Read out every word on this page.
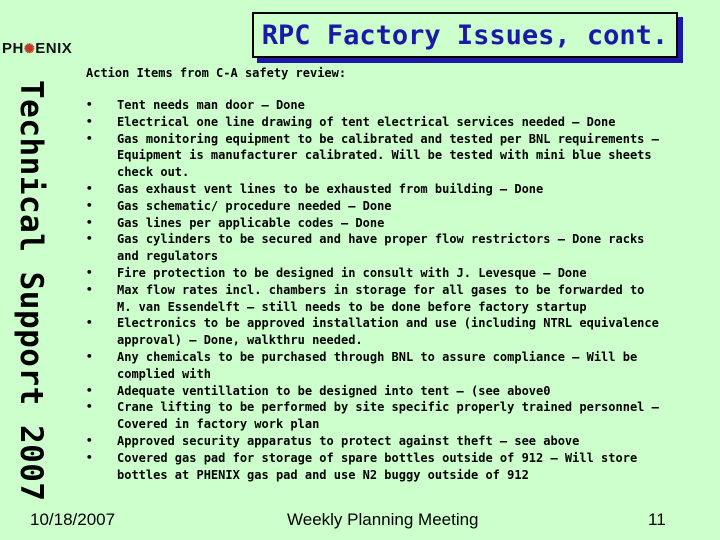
PH✺ENIX	RPC Factory Issues, cont.
Technical Support 2007
Action Items from C-A safety review:
• Tent needs man door – Done
• Electrical one line drawing of tent electrical services needed – Done
• Gas monitoring equipment to be calibrated and tested per BNL requirements – Equipment is manufacturer calibrated. Will be tested with mini blue sheets check out.
• Gas exhaust vent lines to be exhausted from building – Done
• Gas schematic/ procedure needed – Done
• Gas lines per applicable codes – Done
• Gas cylinders to be secured and have proper flow restrictors – Done racks and regulators
• Fire protection to be designed in consult with J. Levesque – Done
• Max flow rates incl. chambers in storage for all gases to be forwarded to M. van Essendelft – still needs to be done before factory startup
• Electronics to be approved installation and use (including NTRL equivalence approval) – Done, walkthru needed.
• Any chemicals to be purchased through BNL to assure compliance – Will be complied with
• Adequate ventillation to be designed into tent – (see above0
• Crane lifting to be performed by site specific properly trained personnel – Covered in factory work plan
• Approved security apparatus to protect against theft – see above
• Covered gas pad for storage of spare bottles outside of 912 – Will store bottles at PHENIX gas pad and use N2 buggy outside of 912
10/18/2007	Weekly Planning Meeting	11
